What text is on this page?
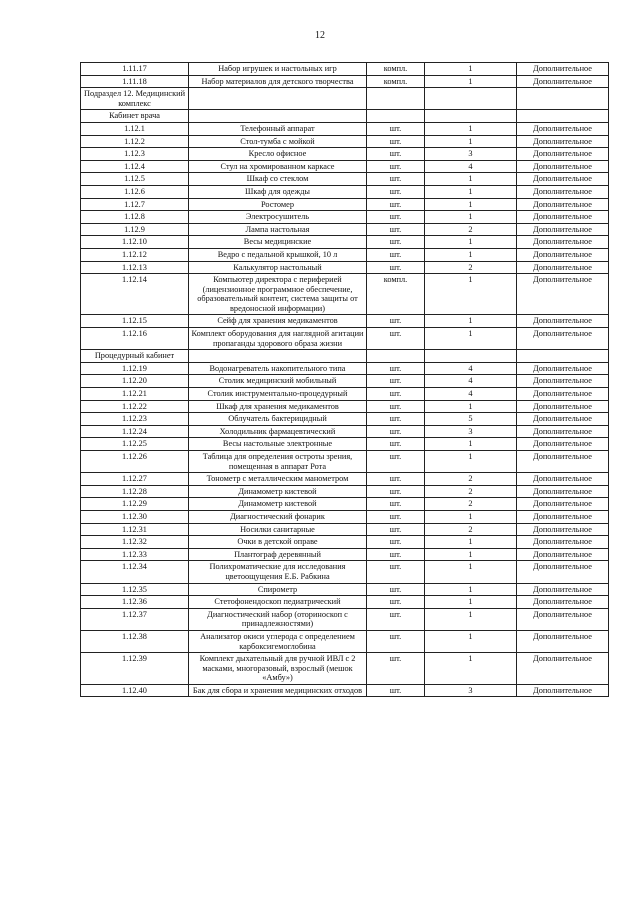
12
1.11.17	Набор игрушек и настольных игр	компл.	1	Дополнительное
1.11.18	Набор материалов для детского творчества	компл.	1	Дополнительное
Подраздел 12. Медицинский комплекс				
Кабинет врача				
1.12.1	Телефонный аппарат	шт.	1	Дополнительное
1.12.2	Стол-тумба с мойкой	шт.	1	Дополнительное
1.12.3	Кресло офисное	шт.	3	Дополнительное
1.12.4	Стул на хромированном каркасе	шт.	4	Дополнительное
1.12.5	Шкаф со стеклом	шт.	1	Дополнительное
1.12.6	Шкаф для одежды	шт.	1	Дополнительное
1.12.7	Ростомер	шт.	1	Дополнительное
1.12.8	Электросушитель	шт.	1	Дополнительное
1.12.9	Лампа настольная	шт.	2	Дополнительное
1.12.10	Весы медицинские	шт.	1	Дополнительное
1.12.12	Ведро с педальной крышкой, 10 л	шт.	1	Дополнительное
1.12.13	Калькулятор настольный	шт.	2	Дополнительное
1.12.14	Компьютер директора с периферией (лицензионное программное обеспечение, образовательный контент, система защиты от вредоносной информации)	компл.	1	Дополнительное
1.12.15	Сейф для хранения медикаментов	шт.	1	Дополнительное
1.12.16	Комплект оборудования для наглядной агитации пропаганды здорового образа жизни	шт.	1	Дополнительное
Процедурный кабинет				
1.12.19	Водонагреватель накопительного типа	шт.	4	Дополнительное
1.12.20	Столик медицинский мобильный	шт.	4	Дополнительное
1.12.21	Столик инструментально-процедурный	шт.	4	Дополнительное
1.12.22	Шкаф для хранения медикаментов	шт.	1	Дополнительное
1.12.23	Облучатель бактерицидный	шт.	5	Дополнительное
1.12.24	Холодильник фармацевтический	шт.	3	Дополнительное
1.12.25	Весы настольные электронные	шт.	1	Дополнительное
1.12.26	Таблица для определения остроты зрения, помещенная в аппарат Рота	шт.	1	Дополнительное
1.12.27	Тонометр с металлическим манометром	шт.	2	Дополнительное
1.12.28	Динамометр кистевой	шт.	2	Дополнительное
1.12.29	Динамометр кистевой	шт.	2	Дополнительное
1.12.30	Диагностический фонарик	шт.	1	Дополнительное
1.12.31	Носилки санитарные	шт.	2	Дополнительное
1.12.32	Очки в детской оправе	шт.	1	Дополнительное
1.12.33	Плантограф деревянный	шт.	1	Дополнительное
1.12.34	Полихроматические для исследования цветоощущения Е.Б. Рабкина	шт.	1	Дополнительное
1.12.35	Спирометр	шт.	1	Дополнительное
1.12.36	Стетофонендоскоп педиатрический	шт.	1	Дополнительное
1.12.37	Диагностический набор (оториноскоп с принадлежностями)	шт.	1	Дополнительное
1.12.38	Анализатор окиси углерода с определением карбоксигемоглобина	шт.	1	Дополнительное
1.12.39	Комплект дыхательный для ручной ИВЛ с 2 масками, многоразовый, взрослый (мешок «Амбу»)	шт.	1	Дополнительное
1.12.40	Бак для сбора и хранения медицинских отходов	шт.	3	Дополнительное
